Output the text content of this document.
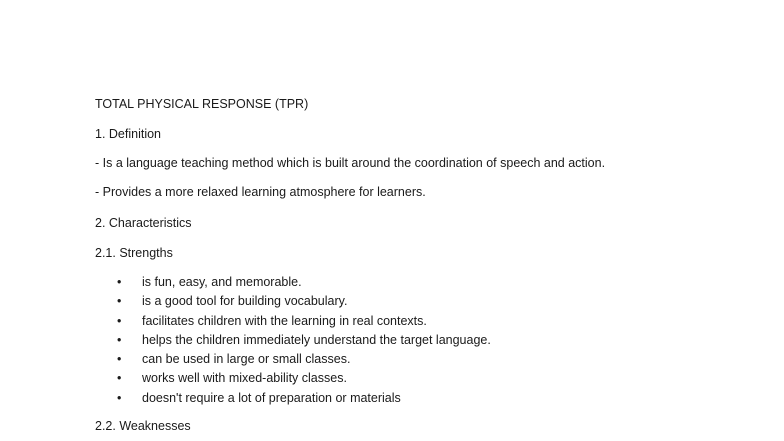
TOTAL PHYSICAL RESPONSE (TPR)
1. Definition
- Is a language teaching method which is built around the coordination of speech and action.
- Provides a more relaxed learning atmosphere for learners.
2. Characteristics
2.1. Strengths
• is fun, easy, and memorable.
• is a good tool for building vocabulary.
• facilitates children with the learning in real contexts.
• helps the children immediately understand the target language.
• can be used in large or small classes.
• works well with mixed-ability classes.
• doesn't require a lot of preparation or materials
2.2. Weaknesses
